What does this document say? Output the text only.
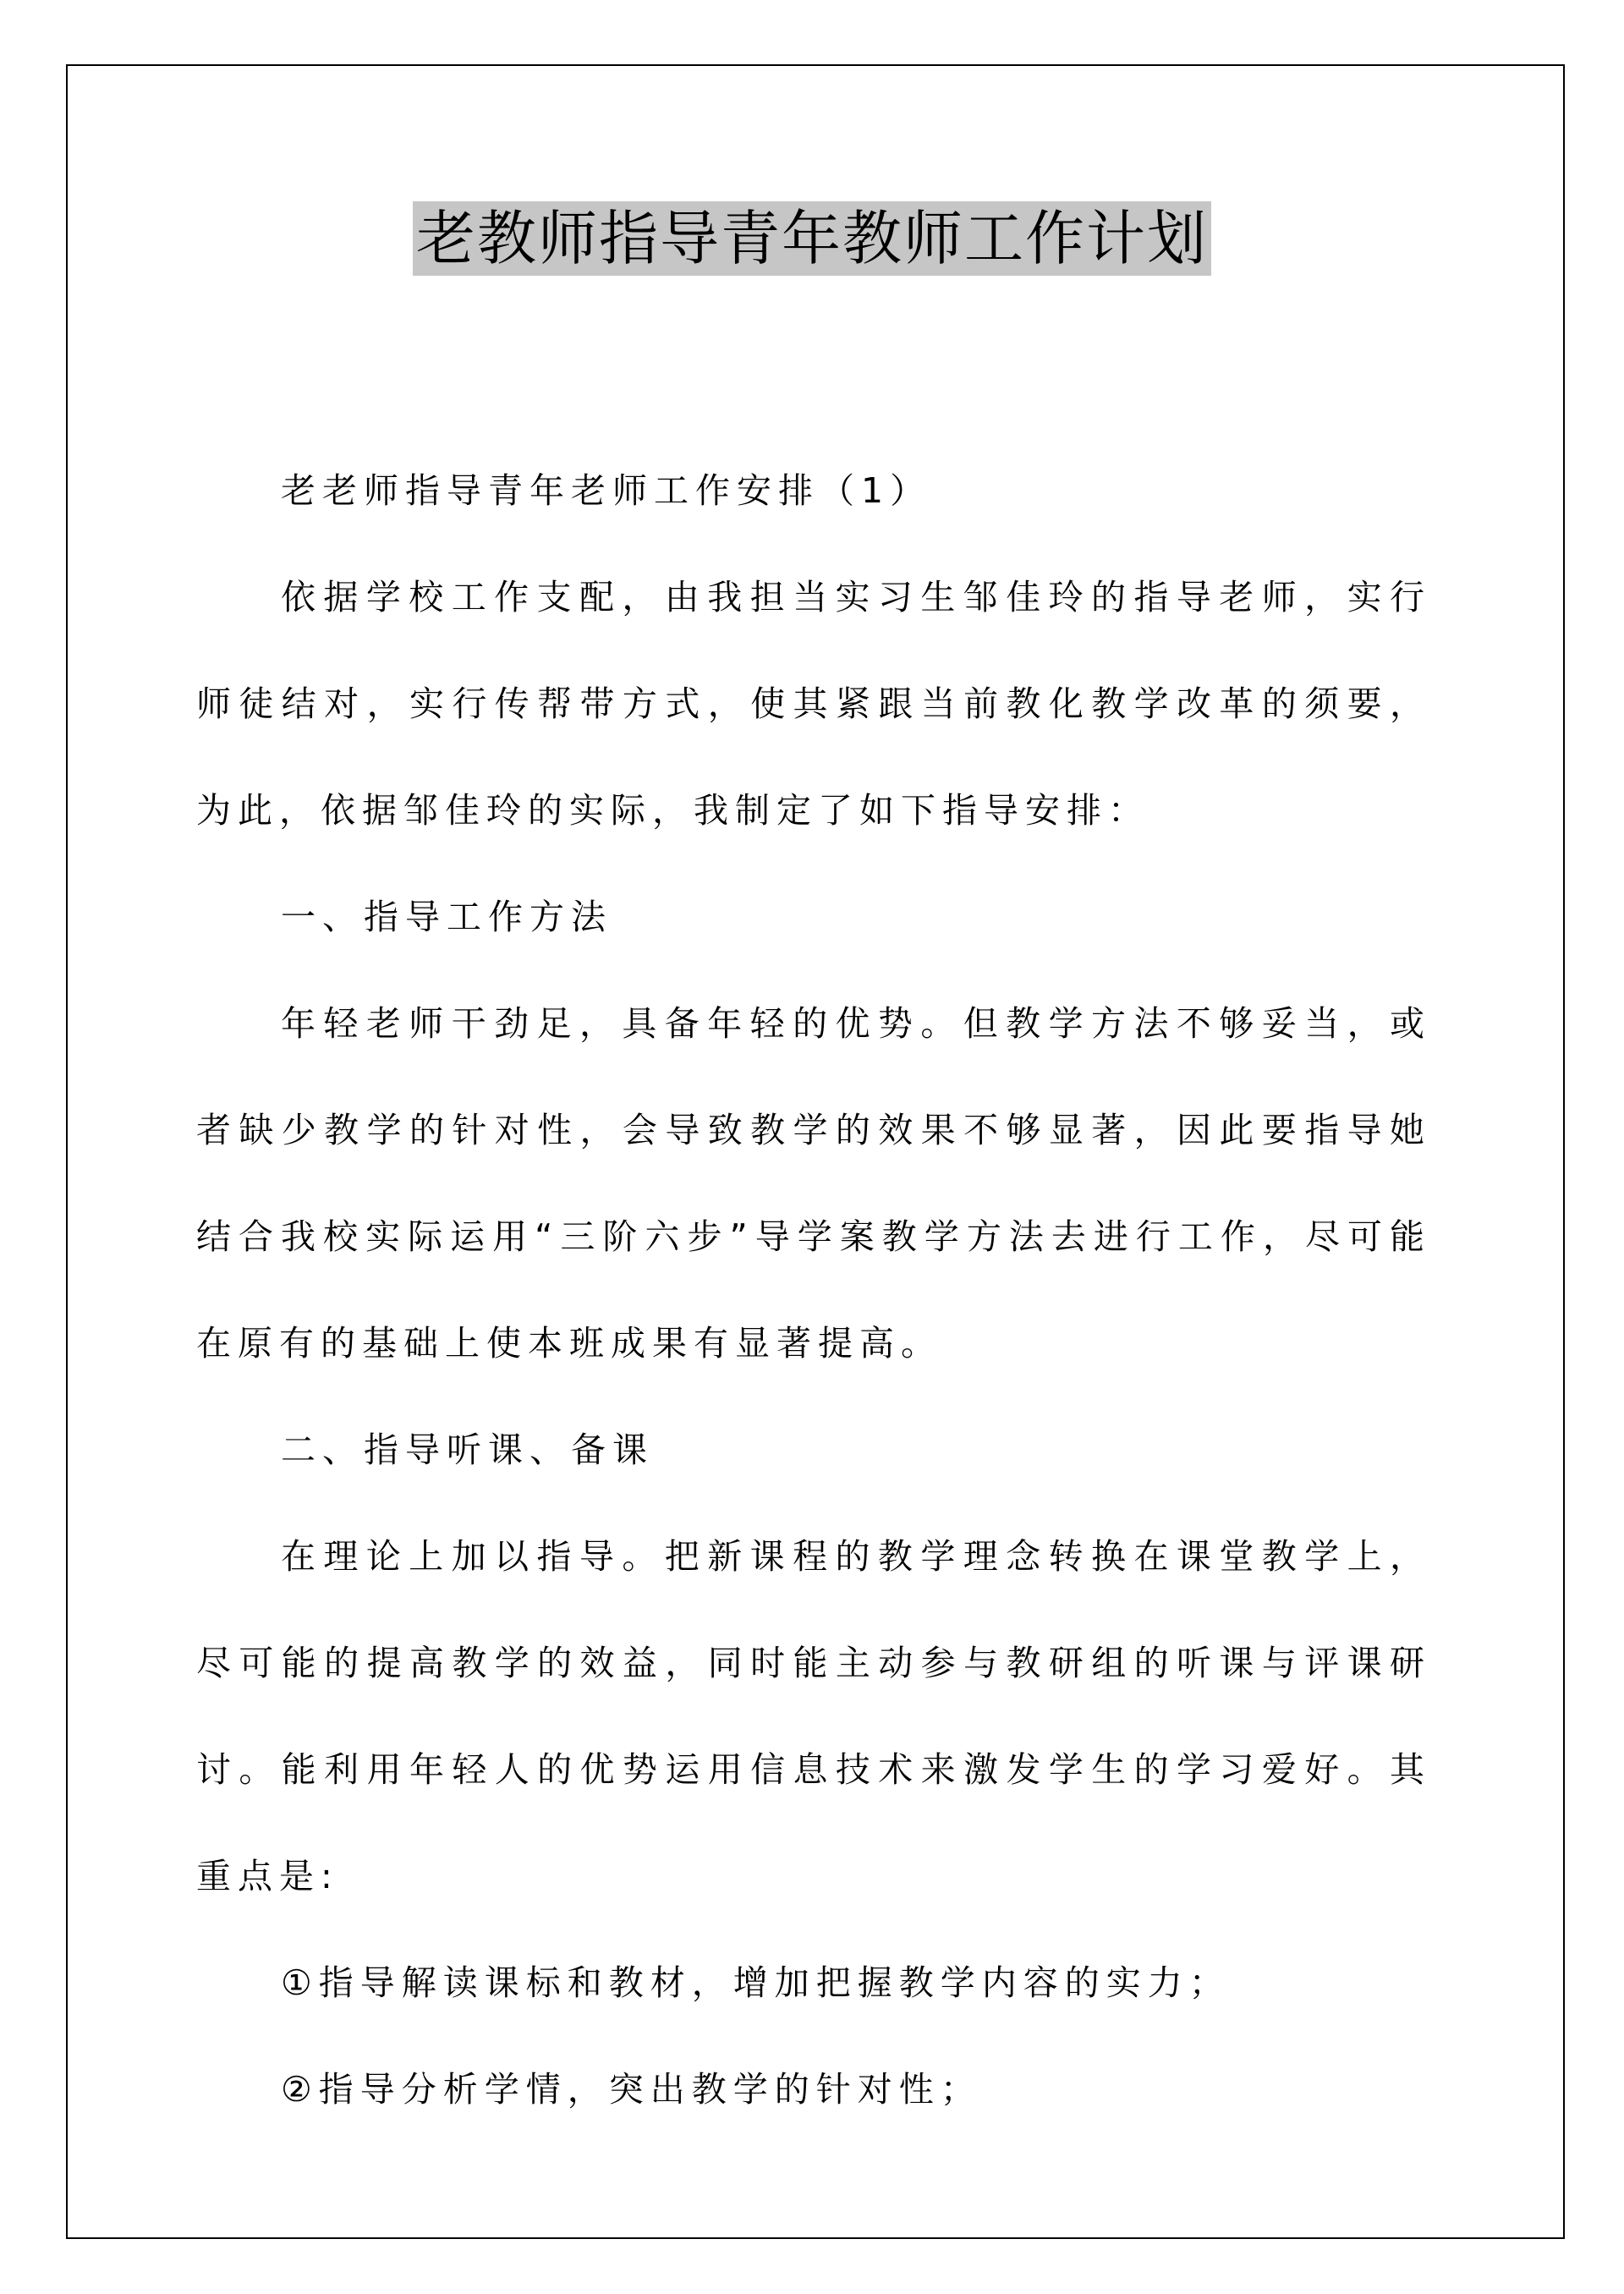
老教师指导青年教师工作计划

老老师指导青年老师工作安排（1）

依据学校工作支配，由我担当实习生邹佳玲的指导老师，实行师徒结对，实行传帮带方式，使其紧跟当前教化教学改革的须要，为此，依据邹佳玲的实际，我制定了如下指导安排：

一、指导工作方法

年轻老师干劲足，具备年轻的优势。但教学方法不够妥当，或者缺少教学的针对性，会导致教学的效果不够显著，因此要指导她结合我校实际运用“三阶六步”导学案教学方法去进行工作，尽可能在原有的基础上使本班成果有显著提高。

二、指导听课、备课

在理论上加以指导。把新课程的教学理念转换在课堂教学上，尽可能的提高教学的效益，同时能主动参与教研组的听课与评课研讨。能利用年轻人的优势运用信息技术来激发学生的学习爱好。其重点是:

①指导解读课标和教材，增加把握教学内容的实力；

②指导分析学情，突出教学的针对性；
